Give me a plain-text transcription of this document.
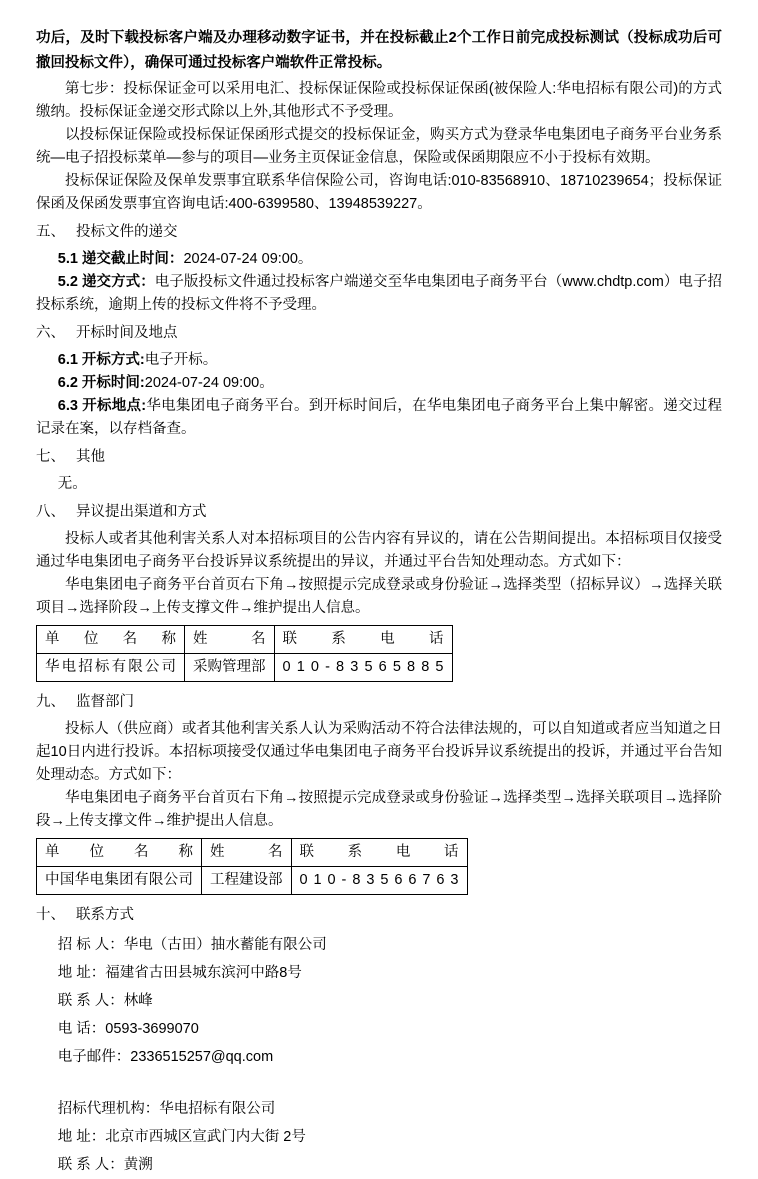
功后，及时下载投标客户端及办理移动数字证书，并在投标截止2个工作日前完成投标测试（投标成功后可撤回投标文件），确保可通过投标客户端软件正常投标。

第七步：投标保证金可以采用电汇、投标保证保险或投标保证保函(被保险人:华电招标有限公司)的方式缴纳。投标保证金递交形式除以上外,其他形式不予受理。

以投标保证保险或投标保证保函形式提交的投标保证金，购买方式为登录华电集团电子商务平台业务系统—电子招投标菜单—参与的项目—业务主页保证金信息，保险或保函期限应不小于投标有效期。

投标保证保险及保单发票事宜联系华信保险公司，咨询电话:010-83568910、18710239654；投标保证保函及保函发票事宜咨询电话:400-6399580、13948539227。

五、 投标文件的递交

5.1 递交截止时间：2024-07-24 09:00。

5.2 递交方式：电子版投标文件通过投标客户端递交至华电集团电子商务平台（www.chdtp.com）电子招投标系统，逾期上传的投标文件将不予受理。

六、 开标时间及地点

6.1 开标方式:电子开标。

6.2 开标时间:2024-07-24 09:00。

6.3 开标地点:华电集团电子商务平台。到开标时间后，在华电集团电子商务平台上集中解密。递交过程记录在案，以存档备查。

七、 其他

无。

八、 异议提出渠道和方式

投标人或者其他利害关系人对本招标项目的公告内容有异议的，请在公告期间提出。本招标项目仅接受通过华电集团电子商务平台投诉异议系统提出的异议，并通过平台告知处理动态。方式如下：

华电集团电子商务平台首页右下角→按照提示完成登录或身份验证→选择类型（招标异议）→选择关联项目→选择阶段→上传支撑文件→维护提出人信息。

单 位 名 称	姓 名	联 系 电 话
华电招标有限公司	采购管理部	0 1 0 - 8 3 5 6 5 8 8 5
九、 监督部门

投标人（供应商）或者其他利害关系人认为采购活动不符合法律法规的，可以自知道或者应当知道之日起10日内进行投诉。本招标项接受仅通过华电集团电子商务平台投诉异议系统提出的投诉，并通过平台告知处理动态。方式如下：

华电集团电子商务平台首页右下角→按照提示完成登录或身份验证→选择类型→选择关联项目→选择阶段→上传支撑文件→维护提出人信息。

单 位 名 称	姓 名	联 系 电 话
中国华电集团有限公司	工程建设部	0 1 0 - 8 3 5 6 6 7 6 3
十、 联系方式

招 标 人：华电（古田）抽水蓄能有限公司

地 址：福建省古田县城东滨河中路8号

联 系 人：林峰

电 话：0593-3699070

电子邮件：2336515257@qq.com

招标代理机构：华电招标有限公司

地 址：北京市西城区宣武门内大街 2号

联 系 人：黄溯
